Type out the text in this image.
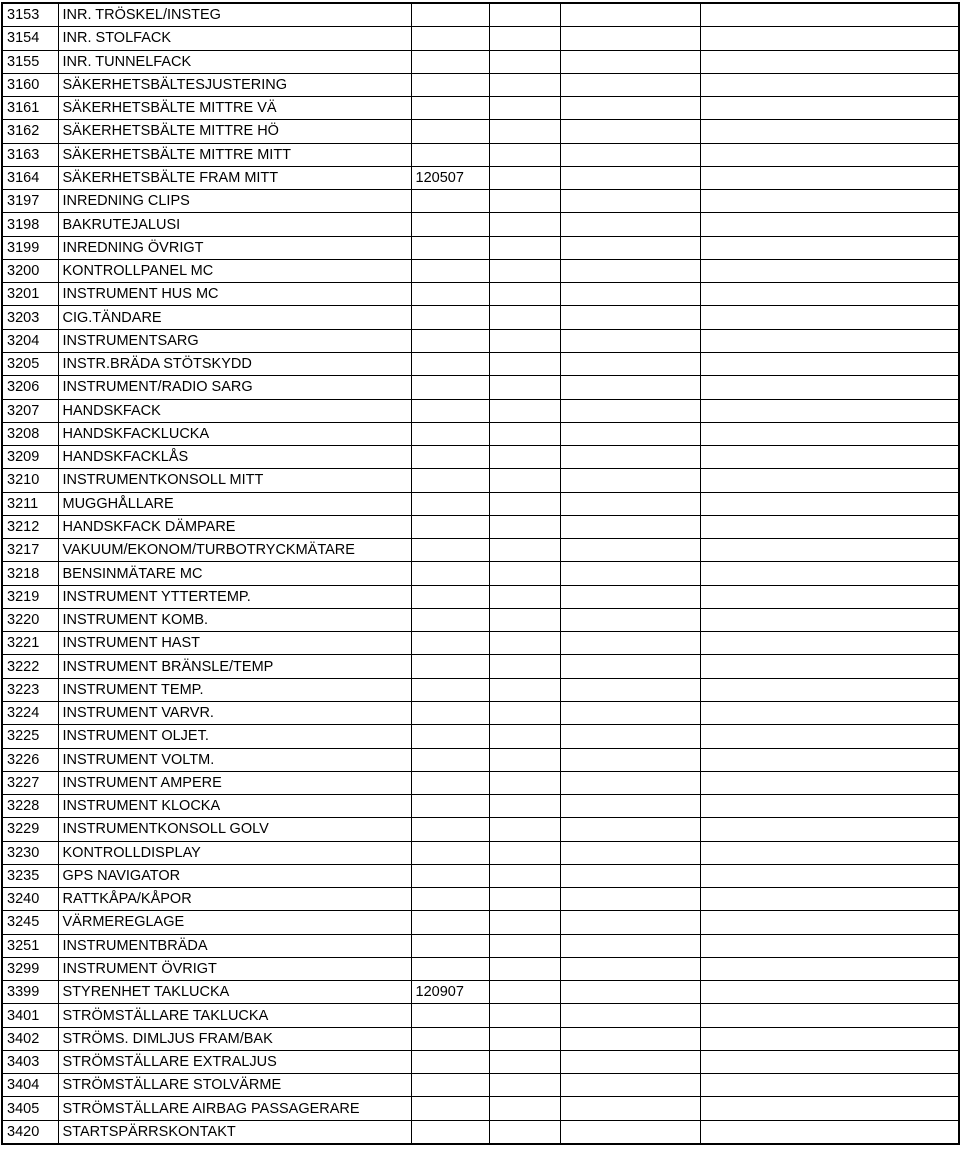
3153	INR. TRÖSKEL/INSTEG				
3154	INR. STOLFACK				
3155	INR. TUNNELFACK				
3160	SÄKERHETSBÄLTESJUSTERING				
3161	SÄKERHETSBÄLTE MITTRE VÄ				
3162	SÄKERHETSBÄLTE MITTRE HÖ				
3163	SÄKERHETSBÄLTE MITTRE MITT				
3164	SÄKERHETSBÄLTE FRAM MITT	120507			
3197	INREDNING CLIPS				
3198	BAKRUTEJALUSI				
3199	INREDNING ÖVRIGT				
3200	KONTROLLPANEL MC				
3201	INSTRUMENT HUS MC				
3203	CIG.TÄNDARE				
3204	INSTRUMENTSARG				
3205	INSTR.BRÄDA STÖTSKYDD				
3206	INSTRUMENT/RADIO SARG				
3207	HANDSKFACK				
3208	HANDSKFACKLUCKA				
3209	HANDSKFACKLÅS				
3210	INSTRUMENTKONSOLL MITT				
3211	MUGGHÅLLARE				
3212	HANDSKFACK DÄMPARE				
3217	VAKUUM/EKONOM/TURBOTRYCKMÄTARE				
3218	BENSINMÄTARE MC				
3219	INSTRUMENT YTTERTEMP.				
3220	INSTRUMENT KOMB.				
3221	INSTRUMENT HAST				
3222	INSTRUMENT BRÄNSLE/TEMP				
3223	INSTRUMENT TEMP.				
3224	INSTRUMENT VARVR.				
3225	INSTRUMENT OLJET.				
3226	INSTRUMENT VOLTM.				
3227	INSTRUMENT AMPERE				
3228	INSTRUMENT KLOCKA				
3229	INSTRUMENTKONSOLL GOLV				
3230	KONTROLLDISPLAY				
3235	GPS NAVIGATOR				
3240	RATTKÅPA/KÅPOR				
3245	VÄRMEREGLAGE				
3251	INSTRUMENTBRÄDA				
3299	INSTRUMENT ÖVRIGT				
3399	STYRENHET TAKLUCKA	120907			
3401	STRÖMSTÄLLARE TAKLUCKA				
3402	STRÖMS. DIMLJUS FRAM/BAK				
3403	STRÖMSTÄLLARE EXTRALJUS				
3404	STRÖMSTÄLLARE STOLVÄRME				
3405	STRÖMSTÄLLARE AIRBAG PASSAGERARE				
3420	STARTSPÄRRSKONTAKT				
